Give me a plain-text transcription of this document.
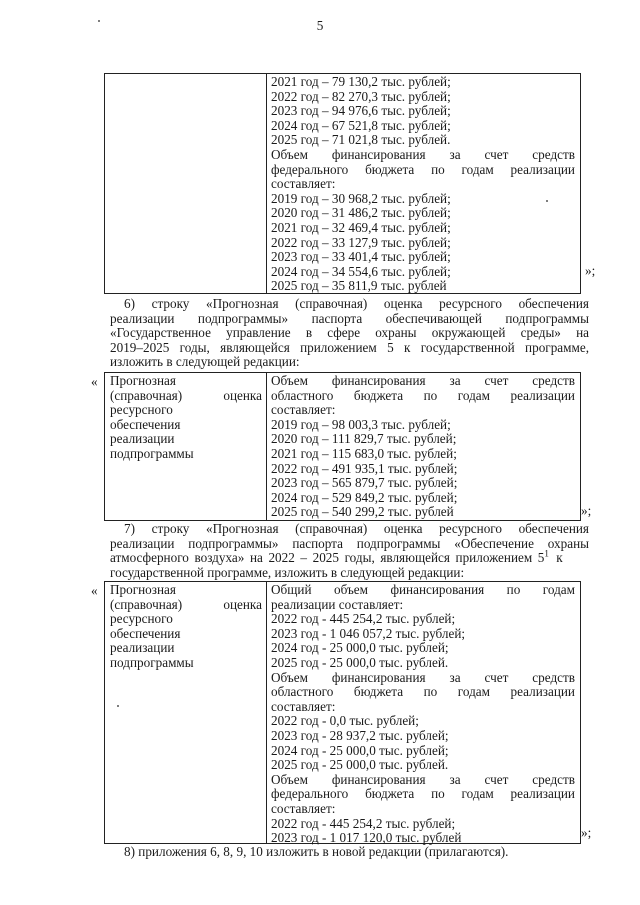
5
2021 год – 79 130,2 тыс. рублей;
2022 год – 82 270,3 тыс. рублей;
2023 год – 94 976,6 тыс. рублей;
2024 год – 67 521,8 тыс. рублей;
2025 год – 71 021,8 тыс. рублей.
Объем финансирования за счет средств
федерального бюджета по годам реализации
составляет:
2019 год – 30 968,2 тыс. рублей;
2020 год – 31 486,2 тыс. рублей;
2021 год – 32 469,4 тыс. рублей;
2022 год – 33 127,9 тыс. рублей;
2023 год – 33 401,4 тыс. рублей;
2024 год – 34 554,6 тыс. рублей;
2025 год – 35 811,9 тыс. рублей
»;
6) строку «Прогнозная (справочная) оценка ресурсного обеспечения
реализации подпрограммы» паспорта обеспечивающей подпрограммы
«Государственное управление в сфере охраны окружающей среды» на
2019–2025 годы, являющейся приложением 5 к государственной программе,
изложить в следующей редакции:
« Прогнозная
(справочная) оценка
ресурсного
обеспечения
реализации
подпрограммы
Объем финансирования за счет средств
областного бюджета по годам реализации
составляет:
2019 год – 98 003,3 тыс. рублей;
2020 год – 111 829,7 тыс. рублей;
2021 год – 115 683,0 тыс. рублей;
2022 год – 491 935,1 тыс. рублей;
2023 год – 565 879,7 тыс. рублей;
2024 год – 529 849,2 тыс. рублей;
2025 год – 540 299,2 тыс. рублей	»;
7) строку «Прогнозная (справочная) оценка ресурсного обеспечения
реализации подпрограммы» паспорта подпрограммы «Обеспечение охраны
атмосферного воздуха» на 2022 – 2025 годы, являющейся приложением $5^1$ к
государственной программе, изложить в следующей редакции:
« Прогнозная
(справочная) оценка
ресурсного
обеспечения
реализации
подпрограммы
Общий объем финансирования по годам
реализации составляет:
2022 год - 445 254,2 тыс. рублей;
2023 год - 1 046 057,2 тыс. рублей;
2024 год - 25 000,0 тыс. рублей;
2025 год - 25 000,0 тыс. рублей.
Объем финансирования за счет средств
областного бюджета по годам реализации
составляет:
2022 год - 0,0 тыс. рублей;
2023 год - 28 937,2 тыс. рублей;
2024 год - 25 000,0 тыс. рублей;
2025 год - 25 000,0 тыс. рублей.
Объем финансирования за счет средств
федерального бюджета по годам реализации
составляет:
2022 год - 445 254,2 тыс. рублей;
2023 год - 1 017 120,0 тыс. рублей	»;
8) приложения 6, 8, 9, 10 изложить в новой редакции (прилагаются).
